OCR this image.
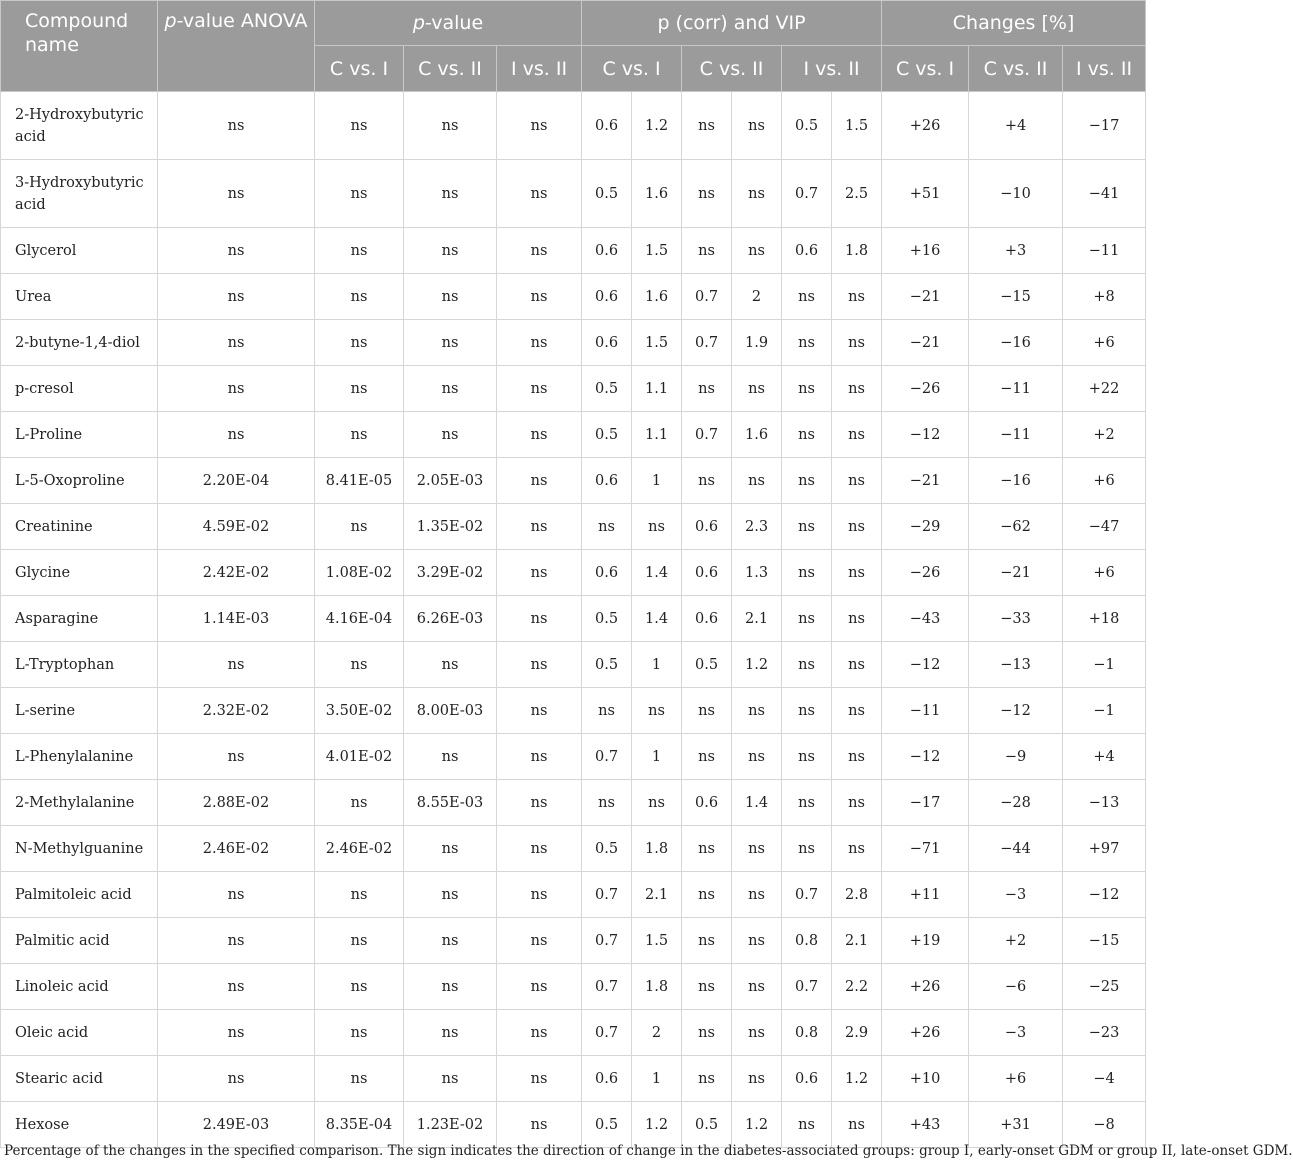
Compound name	p-value ANOVA	p-value			p (corr) and VIP						Changes [%]		
		C vs. I	C vs. II	I vs. II	C vs. I		C vs. II		I vs. II		C vs. I	C vs. II	I vs. II
2-Hydroxybutyric acid	ns	ns	ns	ns	0.6	1.2	ns	ns	0.5	1.5	+26	+4	−17
3-Hydroxybutyric acid	ns	ns	ns	ns	0.5	1.6	ns	ns	0.7	2.5	+51	−10	−41
Glycerol	ns	ns	ns	ns	0.6	1.5	ns	ns	0.6	1.8	+16	+3	−11
Urea	ns	ns	ns	ns	0.6	1.6	0.7	2	ns	ns	−21	−15	+8
2-butyne-1,4-diol	ns	ns	ns	ns	0.6	1.5	0.7	1.9	ns	ns	−21	−16	+6
p-cresol	ns	ns	ns	ns	0.5	1.1	ns	ns	ns	ns	−26	−11	+22
L-Proline	ns	ns	ns	ns	0.5	1.1	0.7	1.6	ns	ns	−12	−11	+2
L-5-Oxoproline	2.20E-04	8.41E-05	2.05E-03	ns	0.6	1	ns	ns	ns	ns	−21	−16	+6
Creatinine	4.59E-02	ns	1.35E-02	ns	ns	ns	0.6	2.3	ns	ns	−29	−62	−47
Glycine	2.42E-02	1.08E-02	3.29E-02	ns	0.6	1.4	0.6	1.3	ns	ns	−26	−21	+6
Asparagine	1.14E-03	4.16E-04	6.26E-03	ns	0.5	1.4	0.6	2.1	ns	ns	−43	−33	+18
L-Tryptophan	ns	ns	ns	ns	0.5	1	0.5	1.2	ns	ns	−12	−13	−1
L-serine	2.32E-02	3.50E-02	8.00E-03	ns	ns	ns	ns	ns	ns	ns	−11	−12	−1
L-Phenylalanine	ns	4.01E-02	ns	ns	0.7	1	ns	ns	ns	ns	−12	−9	+4
2-Methylalanine	2.88E-02	ns	8.55E-03	ns	ns	ns	0.6	1.4	ns	ns	−17	−28	−13
N-Methylguanine	2.46E-02	2.46E-02	ns	ns	0.5	1.8	ns	ns	ns	ns	−71	−44	+97
Palmitoleic acid	ns	ns	ns	ns	0.7	2.1	ns	ns	0.7	2.8	+11	−3	−12
Palmitic acid	ns	ns	ns	ns	0.7	1.5	ns	ns	0.8	2.1	+19	+2	−15
Linoleic acid	ns	ns	ns	ns	0.7	1.8	ns	ns	0.7	2.2	+26	−6	−25
Oleic acid	ns	ns	ns	ns	0.7	2	ns	ns	0.8	2.9	+26	−3	−23
Stearic acid	ns	ns	ns	ns	0.6	1	ns	ns	0.6	1.2	+10	+6	−4
Hexose	2.49E-03	8.35E-04	1.23E-02	ns	0.5	1.2	0.5	1.2	ns	ns	+43	+31	−8
Percentage of the changes in the specified comparison. The sign indicates the direction of change in the diabetes-associated groups: group I, early-onset GDM or group II, late-onset GDM.
